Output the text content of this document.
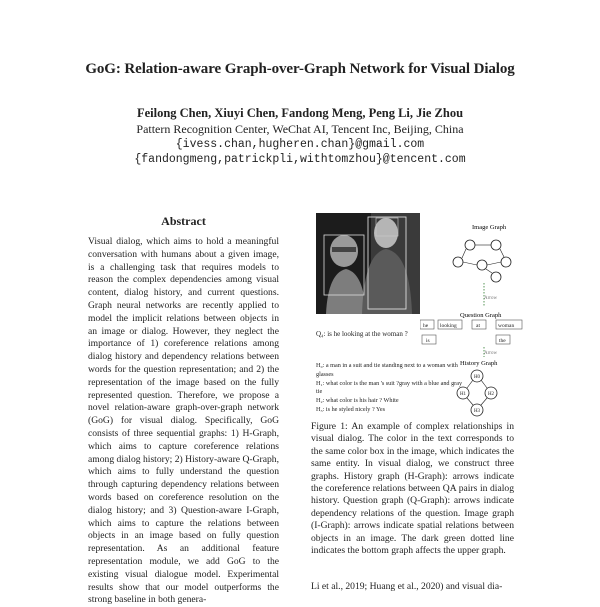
GoG: Relation-aware Graph-over-Graph Network for Visual Dialog
Feilong Chen, Xiuyi Chen, Fandong Meng, Peng Li, Jie Zhou
Pattern Recognition Center, WeChat AI, Tencent Inc, Beijing, China
{ivess.chan,hugheren.chan}@gmail.com
{fandongmeng,patrickpli,withtomzhou}@tencent.com
Abstract
Visual dialog, which aims to hold a meaningful conversation with humans about a given image, is a challenging task that requires models to reason the complex dependencies among visual content, dialog history, and current questions. Graph neural networks are recently applied to model the implicit relations between objects in an image or dialog. However, they neglect the importance of 1) coreference relations among dialog history and dependency relations between words for the question representation; and 2) the representation of the image based on the fully represented question. Therefore, we propose a novel relation-aware graph-over-graph network (GoG) for visual dialog. Specifically, GoG consists of three sequential graphs: 1) H-Graph, which aims to capture coreference relations among dialog history; 2) History-aware Q-Graph, which aims to fully understand the question through capturing dependency relations between words based on coreference resolution on the dialog history; and 3) Question-aware I-Graph, which aims to capture the relations between objects in an image based on fully question representation. As an additional feature representation module, we add GoG to the existing visual dialogue model. Experimental results show that our model outperforms the strong baseline in both genera-
Image Graph
Arrow
Question Graph
he looking	at	woman
is	the
Arrow
History Graph
Q₄: is he looking at the woman ?
H₀: a man in a suit and tie standing next to a woman with glasses
H₁: what color is the man 's suit ?gray with a blue and gray tie
H₂: what color is his hair ? White
H₃: is he styled nicely ? Yes
H0
H1	H2
H3
Figure 1: An example of complex relationships in visual dialog. The color in the text corresponds to the same color box in the image, which indicates the same entity. In visual dialog, we construct three graphs. History graph (H-Graph): arrows indicate the coreference relations between QA pairs in dialog history. Question graph (Q-Graph): arrows indicate dependency relations of the question. Image graph (I-Graph): arrows indicate spatial relations between objects in an image. The dark green dotted line indicates the bottom graph affects the upper graph.
Li et al., 2019; Huang et al., 2020) and visual dia-
